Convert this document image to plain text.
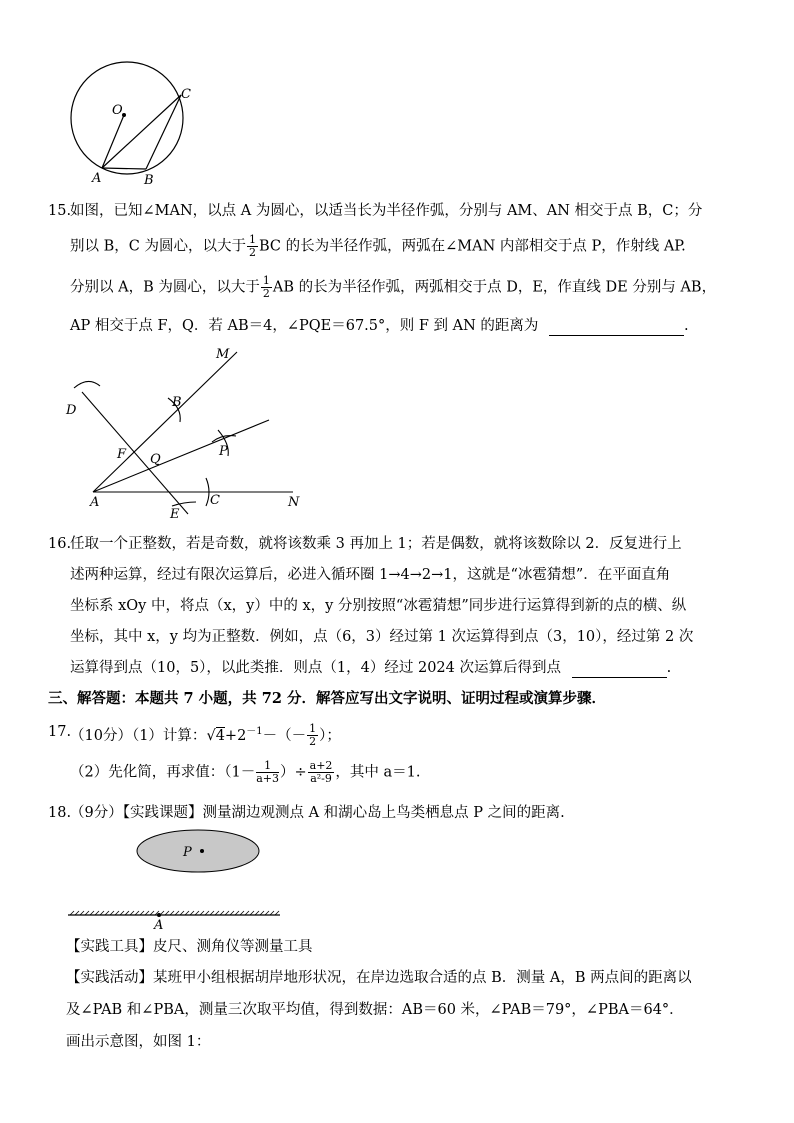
O
C
A	B
15.
如图，已知∠MAN，以点 A 为圆心，以适当长为半径作弧，分别与 AM、AN 相交于点 B，C；分
别以 B，C 为圆心，以大于 $\frac{1}{2}$ BC 的长为半径作弧，两弧在∠MAN 内部相交于点 P，作射线 AP.
分别以 A，B 为圆心，以大于 $\frac{1}{2}$ AB 的长为半径作弧，两弧相交于点 D，E，作直线 DE 分别与 AB，
AP 相交于点 F，Q．若 AB＝4，∠PQE＝67.5°，则 F 到 AN 的距离为	.
M
D
B
F Q
P
A	C	N
E
16.
任取一个正整数，若是奇数，就将该数乘 3 再加上 1；若是偶数，就将该数除以 2．反复进行上
述两种运算，经过有限次运算后，必进入循环圈 1→4→2→1，这就是“冰雹猜想”．在平面直角
坐标系 xOy 中，将点（x，y）中的 x，y 分别按照“冰雹猜想”同步进行运算得到新的点的横、纵
坐标，其中 x，y 均为正整数．例如，点（6，3）经过第 1 次运算得到点（3，10），经过第 2 次
运算得到点（10，5），以此类推．则点（1，4）经过 2024 次运算后得到点	.
三、解答题：本题共 7 小题，共 72 分．解答应写出文字说明、证明过程或演算步骤．
17.
（10分）（1）计算：$√4+2^{-1}-(- \frac{1}{2}$ ）；
（2）先化简，再求值：（$1- \frac{1}{a+3}$ ）÷ $\frac{a+2}{\text{a²-9}}$ ，其中 a＝1.
18.
（9分）【实践课题】测量湖边观测点 A 和湖心岛上鸟类栖息点 P 之间的距离.
P
A
【实践工具】皮尺、测角仪等测量工具
【实践活动】某班甲小组根据胡岸地形状况，在岸边选取合适的点 B．测量 A，B 两点间的距离以
及∠PAB 和∠PBA，测量三次取平均值，得到数据：AB＝60 米，∠PAB＝79°，∠PBA＝64°．
画出示意图，如图 1：
